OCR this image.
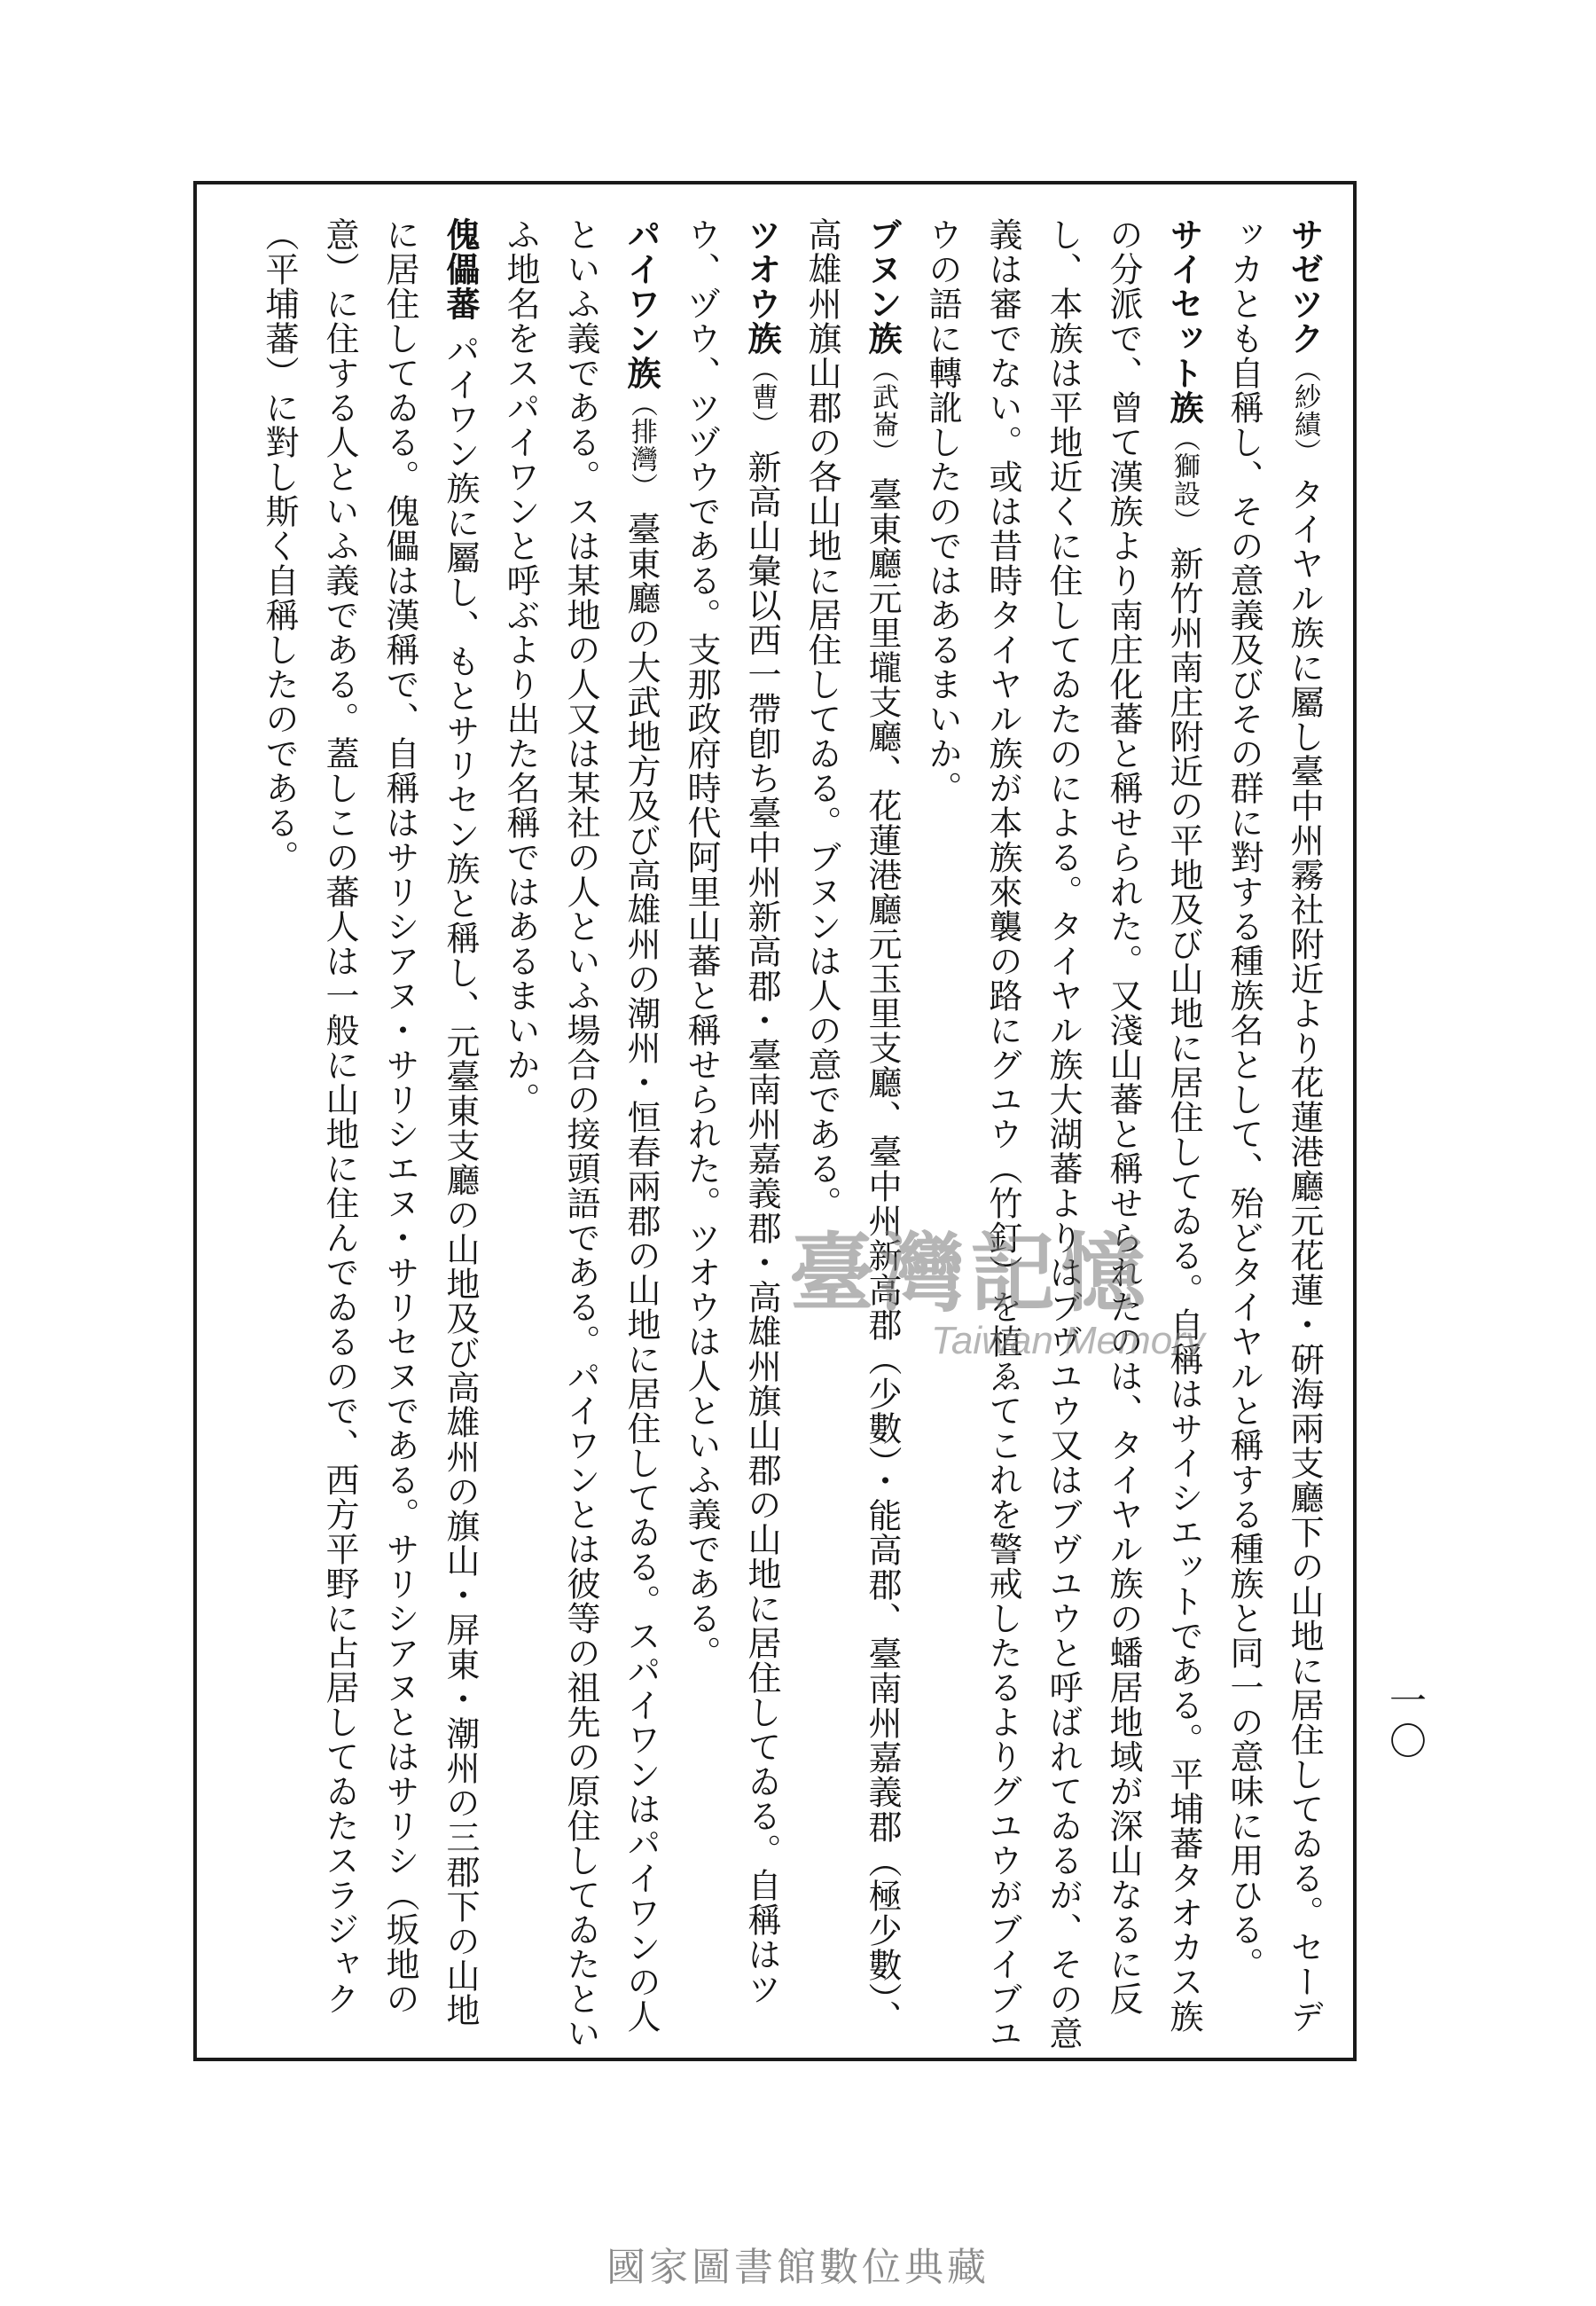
一〇

サゼツク（紗績） タイヤル族に屬し臺中州霧社附近より花蓮港廳元花蓮・硏海兩支廳下の山地に居住してゐる。セーデッカとも自稱し、その意義及びその群に對する種族名として、殆どタイヤルと稱する種族と同一の意味に用ひる。

サイセット族（獅設） 新竹州南庄附近の平地及び山地に居住してゐる。自稱はサイシエットである。平埔蕃タオカス族の分派で、曾て漢族より南庄化蕃と稱せられた。又淺山蕃と稱せられたのは、タイヤル族の蟠居地域が深山なるに反し、本族は平地近くに住してゐたのによる。タイヤル族大湖蕃よりはブヴユウ又はブヴユウと呼ばれてゐるが、その意義は審でない。或は昔時タイヤル族が本族來襲の路にグユウ（竹釘）を植ゑてこれを警戒したるよりグユウがブイブユウの語に轉訛したのではあるまいか。

ブヌン族（武崙） 臺東廳元里壠支廳、花蓮港廳元玉里支廳、臺中州新高郡（少數）・能高郡、臺南州嘉義郡（極少數）、高雄州旗山郡の各山地に居住してゐる。ブヌンは人の意である。

ツオウ族（曹） 新高山彙以西一帶卽ち臺中州新高郡・臺南州嘉義郡・高雄州旗山郡の山地に居住してゐる。自稱はツウ、ヅウ、ツヅウである。支那政府時代阿里山蕃と稱せられた。ツオウは人といふ義である。

パイワン族（排灣） 臺東廳の大武地方及び高雄州の潮州・恒春兩郡の山地に居住してゐる。スパイワンはパイワンの人といふ義である。スは某地の人又は某社の人といふ場合の接頭語である。パイワンとは彼等の祖先の原住してゐたといふ地名をスパイワンと呼ぶより出た名稱ではあるまいか。

傀儡蕃 パイワン族に屬し、もとサリセン族と稱し、元臺東支廳の山地及び高雄州の旗山・屏東・潮州の三郡下の山地に居住してゐる。傀儡は漢稱で、自稱はサリシアヌ・サリシエヌ・サリセヌである。サリシアヌとはサリシ（坂地の意）に住する人といふ義である。蓋しこの蕃人は一般に山地に住んでゐるので、西方平野に占居してゐたスラジャク（平埔蕃）に對し斯く自稱したのである。

臺灣記憶
Taiwan Memory
國家圖書館數位典藏
